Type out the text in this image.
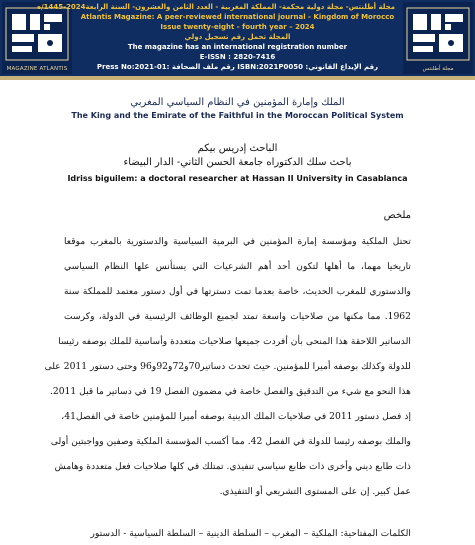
MAGAZINE ATLANTIS
مجلة أطلنتس- مجلة دولية محكمة- المملكة المغربية - العدد الثامن والعشرون- السنة الرابعة2024-1445/ه
Atlantis Magazine: A peer-reviewed international journal - Kingdom of Morocco
Issue twenty-eight - fourth year – 2024
المجلة تحمل رقم تسجيل دولي
The magazine has an international registration number
E-ISSN : 2820-7416
رقم الإيداع القانوني: ISBN:2021P0050 رقم ملف الصحافة :Press No:2021-01	مجلة أطلنتس
الملك وإمارة المؤمنين في النظام السياسي المغربي
The King and the Emirate of the Faithful in the Moroccan Political System
الباحث إدريس بيكم
باحث سلك الدكتوراه جامعة الحسن الثاني- الدار البيضاء
Idriss biguilem: a doctoral researcher at Hassan II University in Casablanca
ملخص
تحتل الملكية ومؤسسة إمارة المؤمنين في البرمية السياسية والدستورية بالمغرب موقعا
تاريخيا مهما، ما أهلها لتكون أحد أهم الشرعيات التي يستأنس علها النظام السياسي
والدستوري للمغرب الحديث، خاصة بعدما تمت دسترتها في أول دستور معتمد للمملكة سنة
1962. مما مكنها من صلاحيات واسعة تمتد لجميع الوظائف الرئيسية في الدولة، وكرست
الدساتير اللاحقة هذا المنحى بأن أفردت جميعها صلاحيات متعددة وأساسية للملك بوصفه رئيسا
للدولة وكذلك بوصفه أميرا للمؤمنين. حيث تحدث دساتير70و72و92و96 وحتى دستور 2011 على
هذا النحو مع شيء من التدقيق والفصل خاصة في مضمون الفصل 19 في دساتير ما قبل 2011.
إذ فصل دستور 2011 في صلاحيات الملك الدينية بوصفه أميرا للمؤمنين خاصة في الفصل41،
والملك بوصفه رئيسا للدولة في الفصل 42. مما أكسب المؤسسة الملكية وصفين وواجبتين أولى
ذات طابع ديني وأخرى ذات طابع سياسي تنفيذي. تمتلك في كلها صلاحيات فعل متعددة وهامش
عمل كبير. إن على المستوى التشريعي أو التنفيذي.
الكلمات المفتاحية: الملكية – المغرب – السلطة الدينية – السلطة السياسية - الدستور
